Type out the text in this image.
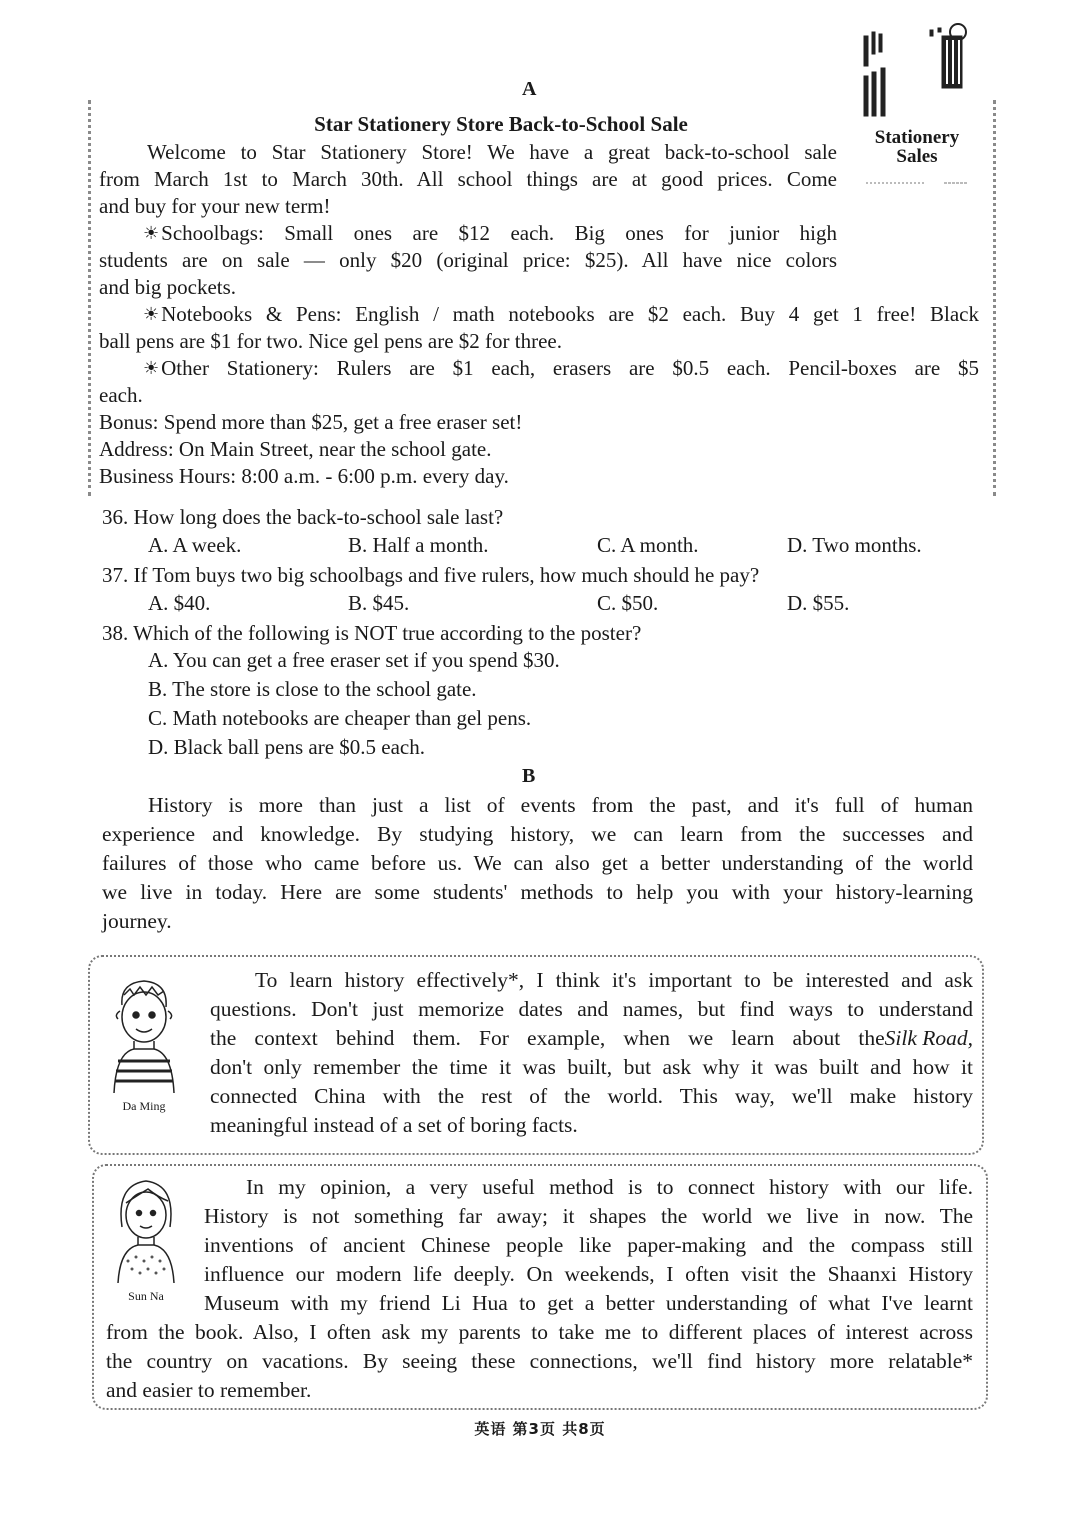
A
Star Stationery Store Back-to-School Sale
Welcome to Star Stationery Store! We have a great back-to-school sale
from March 1st to March 30th. All school things are at good prices. Come
and buy for your new term!
☀ Schoolbags: Small ones are $12 each. Big ones for junior high
students are on sale — only $20 (original price: $25). All have nice colors
and big pockets.
☀ Notebooks & Pens: English / math notebooks are $2 each. Buy 4 get 1 free! Black
ball pens are $1 for two. Nice gel pens are $2 for three.
☀ Other Stationery: Rulers are $1 each, erasers are $0.5 each. Pencil-boxes are $5
each.
Bonus: Spend more than $25, get a free eraser set!
Address: On Main Street, near the school gate.
Business Hours: 8:00 a.m. - 6:00 p.m. every day.
Stationery
Sales
36. How long does the back-to-school sale last?
A. A week.	B. Half a month.	C. A month.	D. Two months.
37. If Tom buys two big schoolbags and five rulers, how much should he pay?
A. $40.	B. $45.	C. $50.	D. $55.
38. Which of the following is NOT true according to the poster?
A. You can get a free eraser set if you spend $30.
B. The store is close to the school gate.
C. Math notebooks are cheaper than gel pens.
D. Black ball pens are $0.5 each.
B
History is more than just a list of events from the past, and it's full of human
experience and knowledge. By studying history, we can learn from the successes and
failures of those who came before us. We can also get a better understanding of the world
we live in today. Here are some students' methods to help you with your history-learning
journey.
Da Ming
To learn history effectively*, I think it's important to be interested and ask
questions. Don't just memorize dates and names, but find ways to understand
the context behind them. For example, when we learn about the Silk Road,
don't only remember the time it was built, but ask why it was built and how it
connected China with the rest of the world. This way, we'll make history
meaningful instead of a set of boring facts.
Sun Na
In my opinion, a very useful method is to connect history with our life.
History is not something far away; it shapes the world we live in now. The
inventions of ancient Chinese people like paper-making and the compass still
influence our modern life deeply. On weekends, I often visit the Shaanxi History
Museum with my friend Li Hua to get a better understanding of what I've learnt
from the book. Also, I often ask my parents to take me to different places of interest across
the country on vacations. By seeing these connections, we'll find history more relatable*
and easier to remember.
英语 第3页 共8页
